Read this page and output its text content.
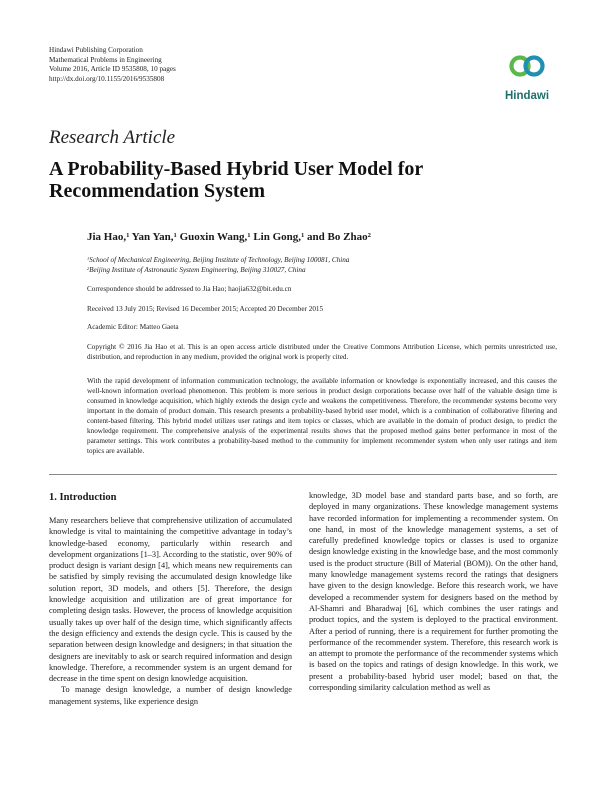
Hindawi Publishing Corporation
Mathematical Problems in Engineering
Volume 2016, Article ID 9535808, 10 pages
http://dx.doi.org/10.1155/2016/9535808
Hindawi
Research Article
A Probability-Based Hybrid User Model for
Recommendation System
Jia Hao,$^1$ Yan Yan,$^1$ Guoxin Wang,$^1$ Lin Gong,$^1$ and Bo Zhao$^2$
$^1$School of Mechanical Engineering, Beijing Institute of Technology, Beijing 100081, China
$^2$Beijing Institute of Astronautic System Engineering, Beijing 310027, China
Correspondence should be addressed to Jia Hao; haojia632@bit.edu.cn
Received 13 July 2015; Revised 16 December 2015; Accepted 20 December 2015
Academic Editor: Matteo Gaeta
Copyright © 2016 Jia Hao et al. This is an open access article distributed under the Creative Commons Attribution License, which permits unrestricted use, distribution, and reproduction in any medium, provided the original work is properly cited.
With the rapid development of information communication technology, the available information or knowledge is exponentially increased, and this causes the well-known information overload phenomenon. This problem is more serious in product design corporations because over half of the valuable design time is consumed in knowledge acquisition, which highly extends the design cycle and weakens the competitiveness. Therefore, the recommender systems become very important in the domain of product domain. This research presents a probability-based hybrid user model, which is a combination of collaborative filtering and content-based filtering. This hybrid model utilizes user ratings and item topics or classes, which are available in the domain of product design, to predict the knowledge requirement. The comprehensive analysis of the experimental results shows that the proposed method gains better performance in most of the parameter settings. This work contributes a probability-based method to the community for implement recommender system when only user ratings and item topics are available.
1. Introduction

Many researchers believe that comprehensive utilization of accumulated knowledge is vital to maintaining the competitive advantage in today’s knowledge-based economy, particularly within research and development organizations [1–3]. According to the statistic, over 90% of product design is variant design [4], which means new requirements can be satisfied by simply revising the accumulated design knowledge like solution report, 3D models, and others [5]. Therefore, the design knowledge acquisition and utilization are of great importance for completing design tasks. However, the process of knowledge acquisition usually takes up over half of the design time, which significantly affects the design efficiency and extends the design cycle. This is caused by the separation between design knowledge and designers; in that situation the designers are inevitably to ask or search required information and design knowledge. Therefore, a recommender system is an urgent demand for decrease in the time spent on design knowledge acquisition.

To manage design knowledge, a number of design knowledge management systems, like experience design

knowledge, 3D model base and standard parts base, and so forth, are deployed in many organizations. These knowledge management systems have recorded information for implementing a recommender system. On one hand, in most of the knowledge management systems, a set of carefully predefined knowledge topics or classes is used to organize design knowledge existing in the knowledge base, and the most commonly used is the product structure (Bill of Material (BOM)). On the other hand, many knowledge management systems record the ratings that designers have given to the design knowledge. Before this research work, we have developed a recommender system for designers based on the method by Al-Shamri and Bharadwaj [6], which combines the user ratings and product topics, and the system is deployed to the practical environment. After a period of running, there is a requirement for further promoting the performance of the recommender system. Therefore, this research work is an attempt to promote the performance of the recommender systems which is based on the topics and ratings of design knowledge. In this work, we present a probability-based hybrid user model; based on that, the corresponding similarity calculation method as well as
